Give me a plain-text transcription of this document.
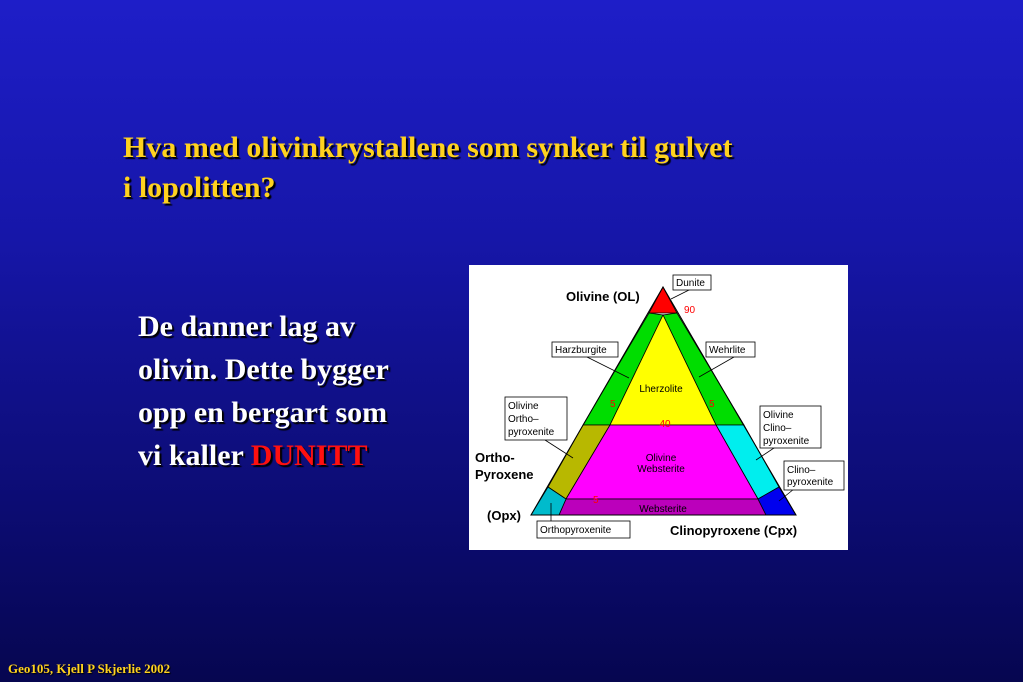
Hva med olivinkrystallene som synker til gulvet
i lopolitten?
De danner lag av
olivin. Dette bygger
opp en bergart som
vi kaller DUNITT
Lherzolite
Olivine
Websterite
Websterite
90
40
5	5
5
Olivine (OL)
Ortho-
Pyroxene
(Opx)
Clinopyroxene (Cpx)
Dunite
Harzburgite	Wehrlite
Olivine
Ortho–
pyroxenite
Olivine
Clino–
pyroxenite
Clino–
pyroxenite
Orthopyroxenite
Geo105, Kjell P Skjerlie 2002
